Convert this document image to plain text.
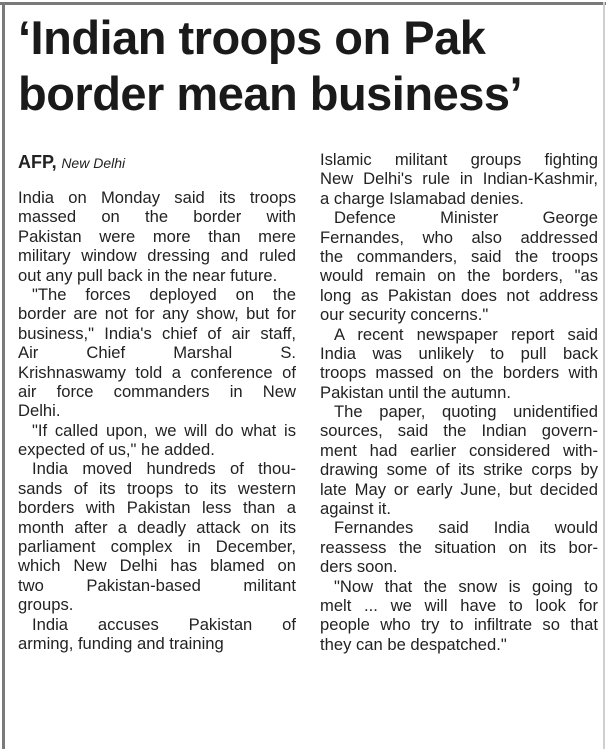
‘Indian troops on Pak
border mean business’
AFP, New Delhi
India on Monday said its troops
massed on the border with
Pakistan were more than mere
military window dressing and ruled
out any pull back in the near future.
"The forces deployed on the
border are not for any show, but for
business," India's chief of air staff,
Air Chief Marshal S.
Krishnaswamy told a conference of
air force commanders in New
Delhi.
"If called upon, we will do what is
expected of us," he added.
India moved hundreds of thou-
sands of its troops to its western
borders with Pakistan less than a
month after a deadly attack on its
parliament complex in December,
which New Delhi has blamed on
two Pakistan-based militant
groups.
India accuses Pakistan of
arming, funding and training
Islamic militant groups fighting
New Delhi's rule in Indian-Kashmir,
a charge Islamabad denies.
Defence Minister George
Fernandes, who also addressed
the commanders, said the troops
would remain on the borders, "as
long as Pakistan does not address
our security concerns."
A recent newspaper report said
India was unlikely to pull back
troops massed on the borders with
Pakistan until the autumn.
The paper, quoting unidentified
sources, said the Indian govern-
ment had earlier considered with-
drawing some of its strike corps by
late May or early June, but decided
against it.
Fernandes said India would
reassess the situation on its bor-
ders soon.
"Now that the snow is going to
melt ... we will have to look for
people who try to infiltrate so that
they can be despatched."
